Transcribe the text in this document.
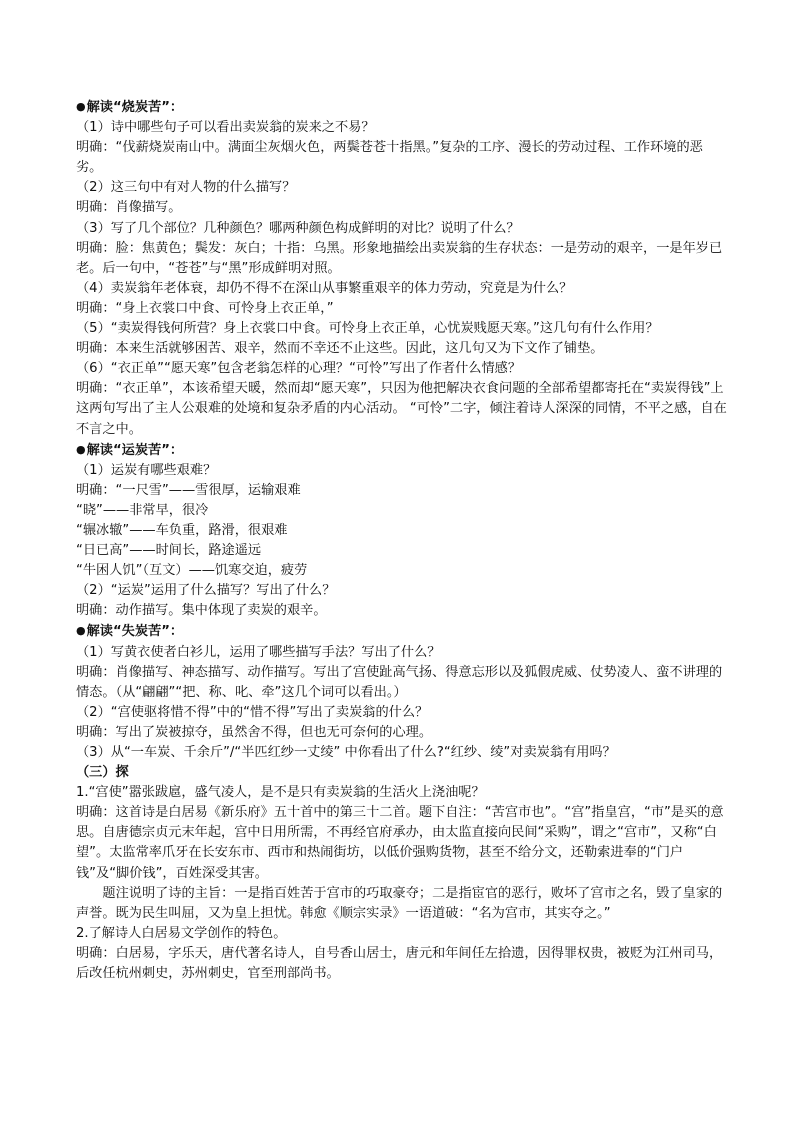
●解读“烧炭苦”：

（1）诗中哪些句子可以看出卖炭翁的炭来之不易？

明确：“伐薪烧炭南山中。满面尘灰烟火色，两鬓苍苍十指黑。”复杂的工序、漫长的劳动过程、工作环境的恶劣。

（2）这三句中有对人物的什么描写？

明确：肖像描写。

（3）写了几个部位？几种颜色？哪两种颜色构成鲜明的对比？说明了什么？

明确：脸：焦黄色；鬓发：灰白；十指：乌黑。形象地描绘出卖炭翁的生存状态：一是劳动的艰辛，一是年岁已老。后一句中，“苍苍”与“黑”形成鲜明对照。

（4）卖炭翁年老体衰，却仍不得不在深山从事繁重艰辛的体力劳动，究竟是为什么？

明确：“身上衣裳口中食、可怜身上衣正单，”

（5）“卖炭得钱何所营？身上衣裳口中食。可怜身上衣正单，心忧炭贱愿天寒。”这几句有什么作用？

明确：本来生活就够困苦、艰辛，然而不幸还不止这些。因此，这几句又为下文作了铺垫。

（6）“衣正单”“愿天寒”包含老翁怎样的心理？“可怜”写出了作者什么情感？

明确：“衣正单”，本该希望天暖，然而却“愿天寒”，只因为他把解决衣食问题的全部希望都寄托在“卖炭得钱”上这两句写出了主人公艰难的处境和复杂矛盾的内心活动。 “可怜”二字，倾注着诗人深深的同情，不平之感，自在不言之中。

●解读“运炭苦”：

（1）运炭有哪些艰难？

明确：“一尺雪”——雪很厚，运输艰难

“晓”——非常早，很冷

“辗冰辙”——车负重，路滑，很艰难

“日已高”——时间长，路途遥远

“牛困人饥”（互文）——饥寒交迫，疲劳

（2）“运炭”运用了什么描写？写出了什么？

明确：动作描写。集中体现了卖炭的艰辛。

●解读“失炭苦”：

（1）写黄衣使者白衫儿，运用了哪些描写手法？写出了什么？

明确：肖像描写、神态描写、动作描写。写出了宫使趾高气扬、得意忘形以及狐假虎威、仗势凌人、蛮不讲理的情态。（从“翩翩”“把、称、叱、牵”这几个词可以看出。）

（2）“宫使驱将惜不得”中的“惜不得”写出了卖炭翁的什么？

明确：写出了炭被掠夺，虽然舍不得，但也无可奈何的心理。

（3）从“一车炭、千余斤”/“半匹红纱一丈绫” 中你看出了什么?“红纱、绫”对卖炭翁有用吗？

（三）探

1.“宫使”嚣张跋扈，盛气凌人，是不是只有卖炭翁的生活火上浇油呢？

明确：这首诗是白居易《新乐府》五十首中的第三十二首。题下自注：“苦宫市也”。“宫”指皇宫，“市”是买的意思。自唐德宗贞元末年起，宫中日用所需，不再经官府承办，由太监直接向民间“采购”，谓之“宫市”，又称“白望”。太监常率爪牙在长安东市、西市和热闹街坊，以低价强购货物，甚至不给分文，还勒索进奉的“门户钱”及“脚价钱”，百姓深受其害。

题注说明了诗的主旨：一是指百姓苦于宫市的巧取豪夺；二是指宦官的恶行，败坏了宫市之名，毁了皇家的声誉。既为民生叫屈，又为皇上担忧。韩愈《顺宗实录》一语道破：“名为宫市，其实夺之。”

2.了解诗人白居易文学创作的特色。

明确：白居易，字乐天，唐代著名诗人，自号香山居士，唐元和年间任左拾遗，因得罪权贵，被贬为江州司马，后改任杭州刺史，苏州刺史，官至刑部尚书。
